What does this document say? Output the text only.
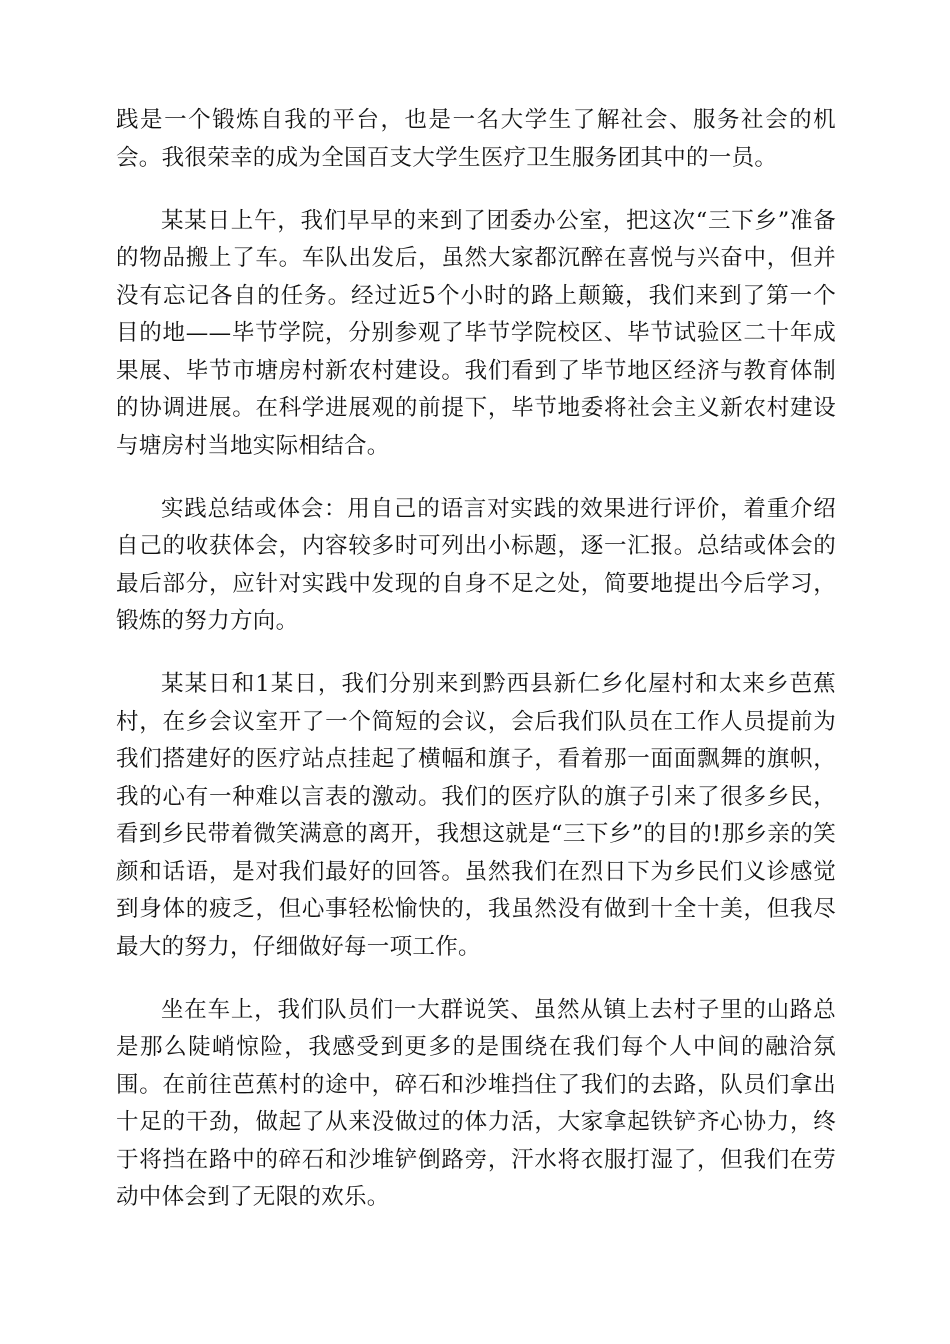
践是一个锻炼自我的平台，也是一名大学生了解社会、服务社会的机会。我很荣幸的成为全国百支大学生医疗卫生服务团其中的一员。

某某日上午，我们早早的来到了团委办公室，把这次“三下乡”准备的物品搬上了车。车队出发后，虽然大家都沉醉在喜悦与兴奋中，但并没有忘记各自的任务。经过近5个小时的路上颠簸，我们来到了第一个目的地——毕节学院，分别参观了毕节学院校区、毕节试验区二十年成果展、毕节市塘房村新农村建设。我们看到了毕节地区经济与教育体制的协调进展。在科学进展观的前提下，毕节地委将社会主义新农村建设与塘房村当地实际相结合。

实践总结或体会：用自己的语言对实践的效果进行评价，着重介绍自己的收获体会，内容较多时可列出小标题，逐一汇报。总结或体会的最后部分，应针对实践中发现的自身不足之处，简要地提出今后学习，锻炼的努力方向。

某某日和1某日，我们分别来到黔西县新仁乡化屋村和太来乡芭蕉村，在乡会议室开了一个简短的会议，会后我们队员在工作人员提前为我们搭建好的医疗站点挂起了横幅和旗子，看着那一面面飘舞的旗帜，我的心有一种难以言表的激动。我们的医疗队的旗子引来了很多乡民，看到乡民带着微笑满意的离开，我想这就是“三下乡”的目的!那乡亲的笑颜和话语，是对我们最好的回答。虽然我们在烈日下为乡民们义诊感觉到身体的疲乏，但心事轻松愉快的，我虽然没有做到十全十美，但我尽最大的努力，仔细做好每一项工作。

坐在车上，我们队员们一大群说笑、虽然从镇上去村子里的山路总是那么陡峭惊险，我感受到更多的是围绕在我们每个人中间的融洽氛围。在前往芭蕉村的途中，碎石和沙堆挡住了我们的去路，队员们拿出十足的干劲，做起了从来没做过的体力活，大家拿起铁铲齐心协力，终于将挡在路中的碎石和沙堆铲倒路旁，汗水将衣服打湿了，但我们在劳动中体会到了无限的欢乐。
